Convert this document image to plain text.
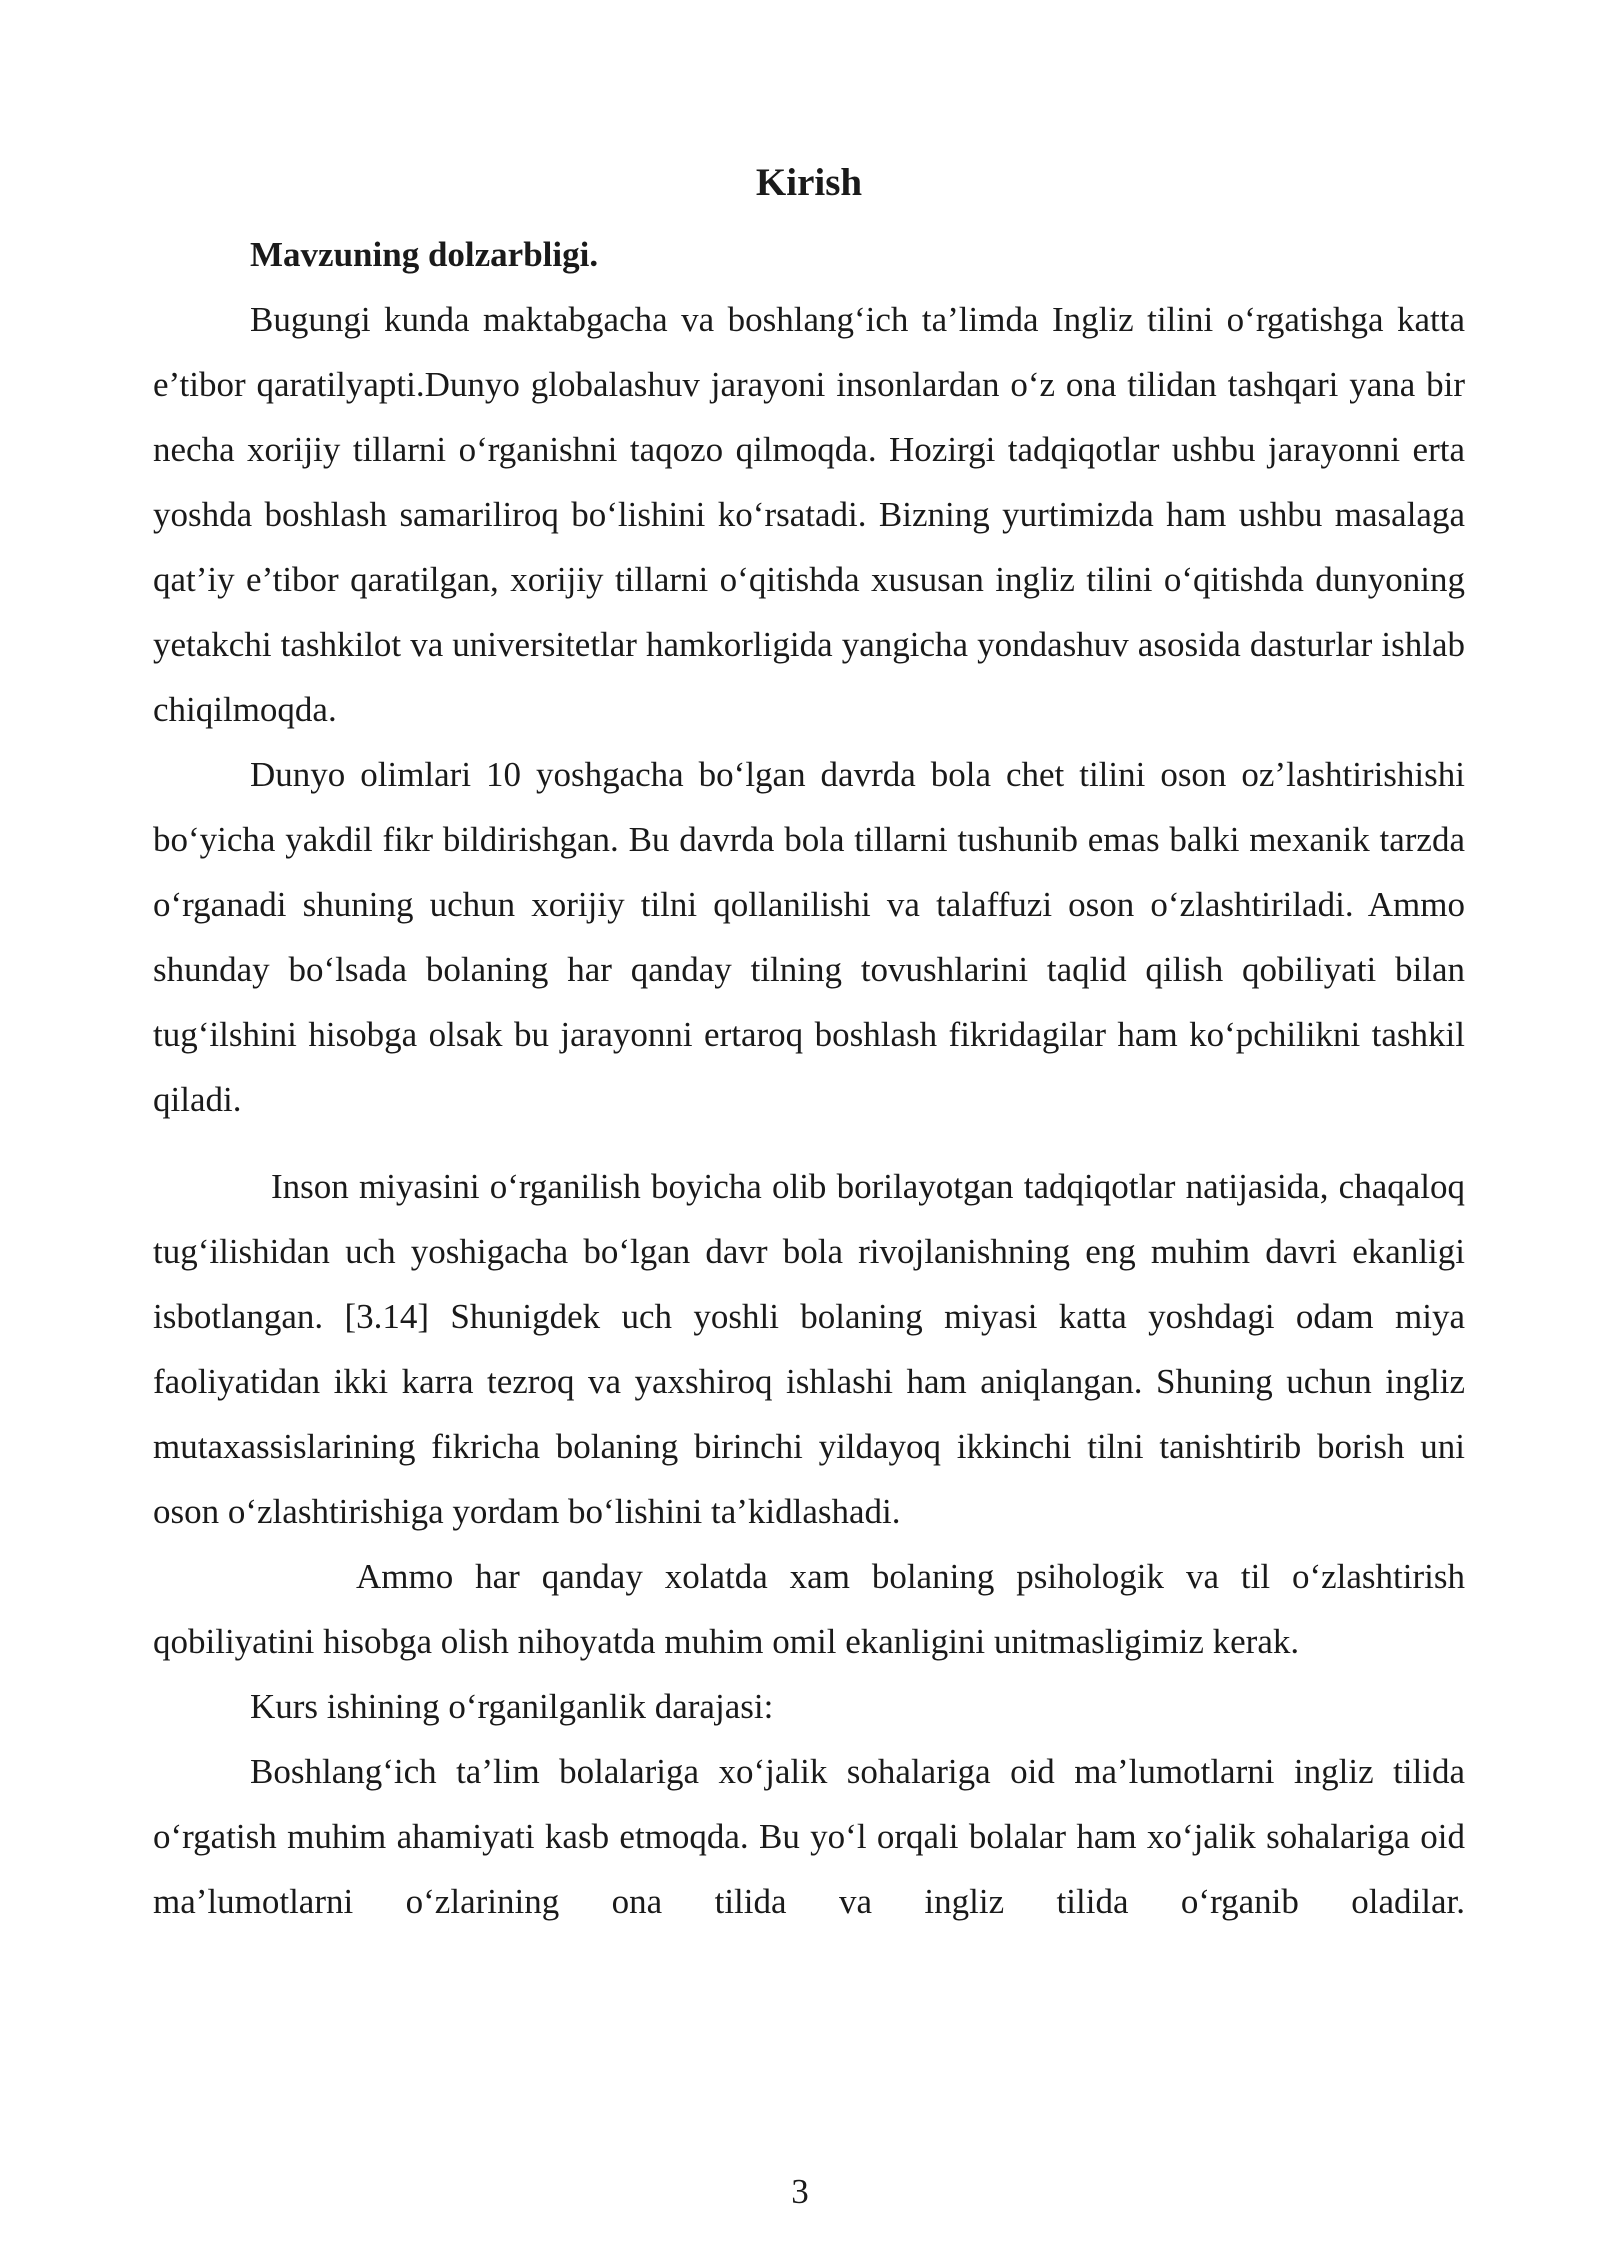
Kirish

Mavzuning dolzarbligi.

Bugungi kunda maktabgacha va boshlang‘ich ta’limda Ingliz tilini o‘rgatishga katta e’tibor qaratilyapti.Dunyo globalashuv jarayoni insonlardan o‘z ona tilidan tashqari yana bir necha xorijiy tillarni o‘rganishni taqozo qilmoqda. Hozirgi tadqiqotlar ushbu jarayonni erta yoshda boshlash samariliroq bo‘lishini ko‘rsatadi. Bizning yurtimizda ham ushbu masalaga qat’iy e’tibor qaratilgan, xorijiy tillarni o‘qitishda xususan ingliz tilini o‘qitishda dunyoning yetakchi tashkilot va universitetlar hamkorligida yangicha yondashuv asosida dasturlar ishlab chiqilmoqda.

Dunyo olimlari 10 yoshgacha bo‘lgan davrda bola chet tilini oson oz’lashtirishishi bo‘yicha yakdil fikr bildirishgan. Bu davrda bola tillarni tushunib emas balki mexanik tarzda o‘rganadi shuning uchun xorijiy tilni qollanilishi va talaffuzi oson o‘zlashtiriladi. Ammo shunday bo‘lsada bolaning har qanday tilning tovushlarini taqlid qilish qobiliyati bilan tug‘ilshini hisobga olsak bu jarayonni ertaroq boshlash fikridagilar ham ko‘pchilikni tashkil qiladi.

Inson miyasini o‘rganilish boyicha olib borilayotgan tadqiqotlar natijasida, chaqaloq tug‘ilishidan uch yoshigacha bo‘lgan davr bola rivojlanishning eng muhim davri ekanligi isbotlangan. [3.14] Shunigdek uch yoshli bolaning miyasi katta yoshdagi odam miya faoliyatidan ikki karra tezroq va yaxshiroq ishlashi ham aniqlangan. Shuning uchun ingliz mutaxassislarining fikricha bolaning birinchi yildayoq ikkinchi tilni tanishtirib borish uni oson o‘zlashtirishiga yordam bo‘lishini ta’kidlashadi.

Ammo har qanday xolatda xam bolaning psihologik va til o‘zlashtirish qobiliyatini hisobga olish nihoyatda muhim omil ekanligini unitmasligimiz kerak.

Kurs ishining o‘rganilganlik darajasi:

Boshlang‘ich ta’lim bolalariga xo‘jalik sohalariga oid ma’lumotlarni ingliz tilida o‘rgatish muhim ahamiyati kasb etmoqda. Bu yo‘l orqali bolalar ham xo‘jalik sohalariga oid ma’lumotlarni o‘zlarining ona tilida va ingliz tilida o‘rganib oladilar.

3
